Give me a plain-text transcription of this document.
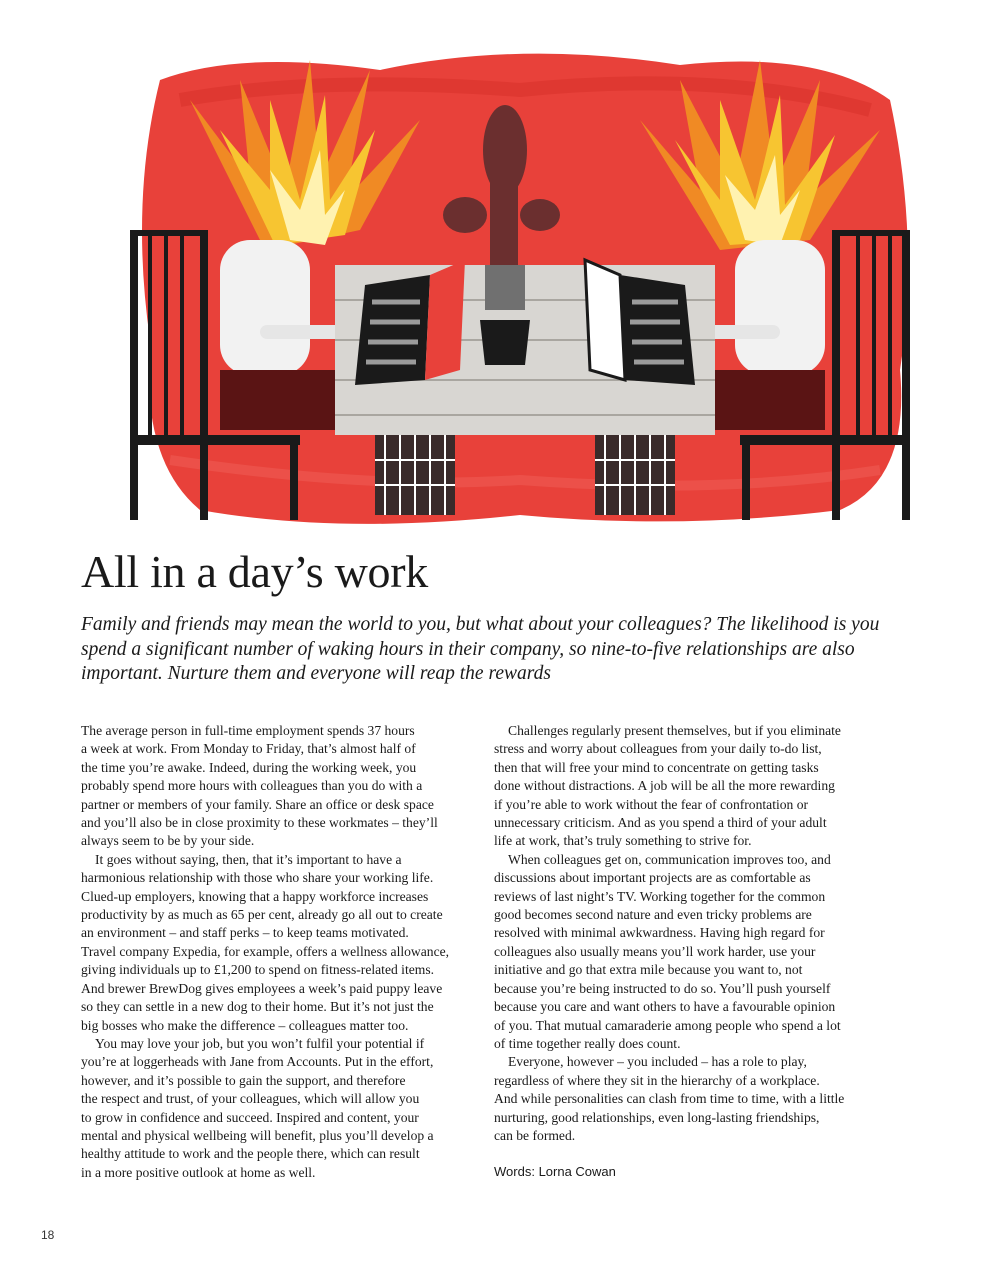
All in a day’s work

Family and friends may mean the world to you, but what about your colleagues? The likelihood is you spend a significant number of waking hours in their company, so nine-to-five relationships are also important. Nurture them and everyone will reap the rewards

The average person in full-time employment spends 37 hours
a week at work. From Monday to Friday, that’s almost half of
the time you’re awake. Indeed, during the working week, you
probably spend more hours with colleagues than you do with a
partner or members of your family. Share an office or desk space
and you’ll also be in close proximity to these workmates – they’ll
always seem to be by your side.

It goes without saying, then, that it’s important to have a
harmonious relationship with those who share your working life.
Clued-up employers, knowing that a happy workforce increases
productivity by as much as 65 per cent, already go all out to create
an environment – and staff perks – to keep teams motivated.
Travel company Expedia, for example, offers a wellness allowance,
giving individuals up to £1,200 to spend on fitness-related items.
And brewer BrewDog gives employees a week’s paid puppy leave
so they can settle in a new dog to their home. But it’s not just the
big bosses who make the difference – colleagues matter too.

You may love your job, but you won’t fulfil your potential if
you’re at loggerheads with Jane from Accounts. Put in the effort,
however, and it’s possible to gain the support, and therefore
the respect and trust, of your colleagues, which will allow you
to grow in confidence and succeed. Inspired and content, your
mental and physical wellbeing will benefit, plus you’ll develop a
healthy attitude to work and the people there, which can result
in a more positive outlook at home as well.

Challenges regularly present themselves, but if you eliminate
stress and worry about colleagues from your daily to-do list,
then that will free your mind to concentrate on getting tasks
done without distractions. A job will be all the more rewarding
if you’re able to work without the fear of confrontation or
unnecessary criticism. And as you spend a third of your adult
life at work, that’s truly something to strive for.

When colleagues get on, communication improves too, and
discussions about important projects are as comfortable as
reviews of last night’s TV. Working together for the common
good becomes second nature and even tricky problems are
resolved with minimal awkwardness. Having high regard for
colleagues also usually means you’ll work harder, use your
initiative and go that extra mile because you want to, not
because you’re being instructed to do so. You’ll push yourself
because you care and want others to have a favourable opinion
of you. That mutual camaraderie among people who spend a lot
of time together really does count.

Everyone, however – you included – has a role to play,
regardless of where they sit in the hierarchy of a workplace.
And while personalities can clash from time to time, with a little
nurturing, good relationships, even long-lasting friendships,
can be formed.

Words: Lorna Cowan
18
